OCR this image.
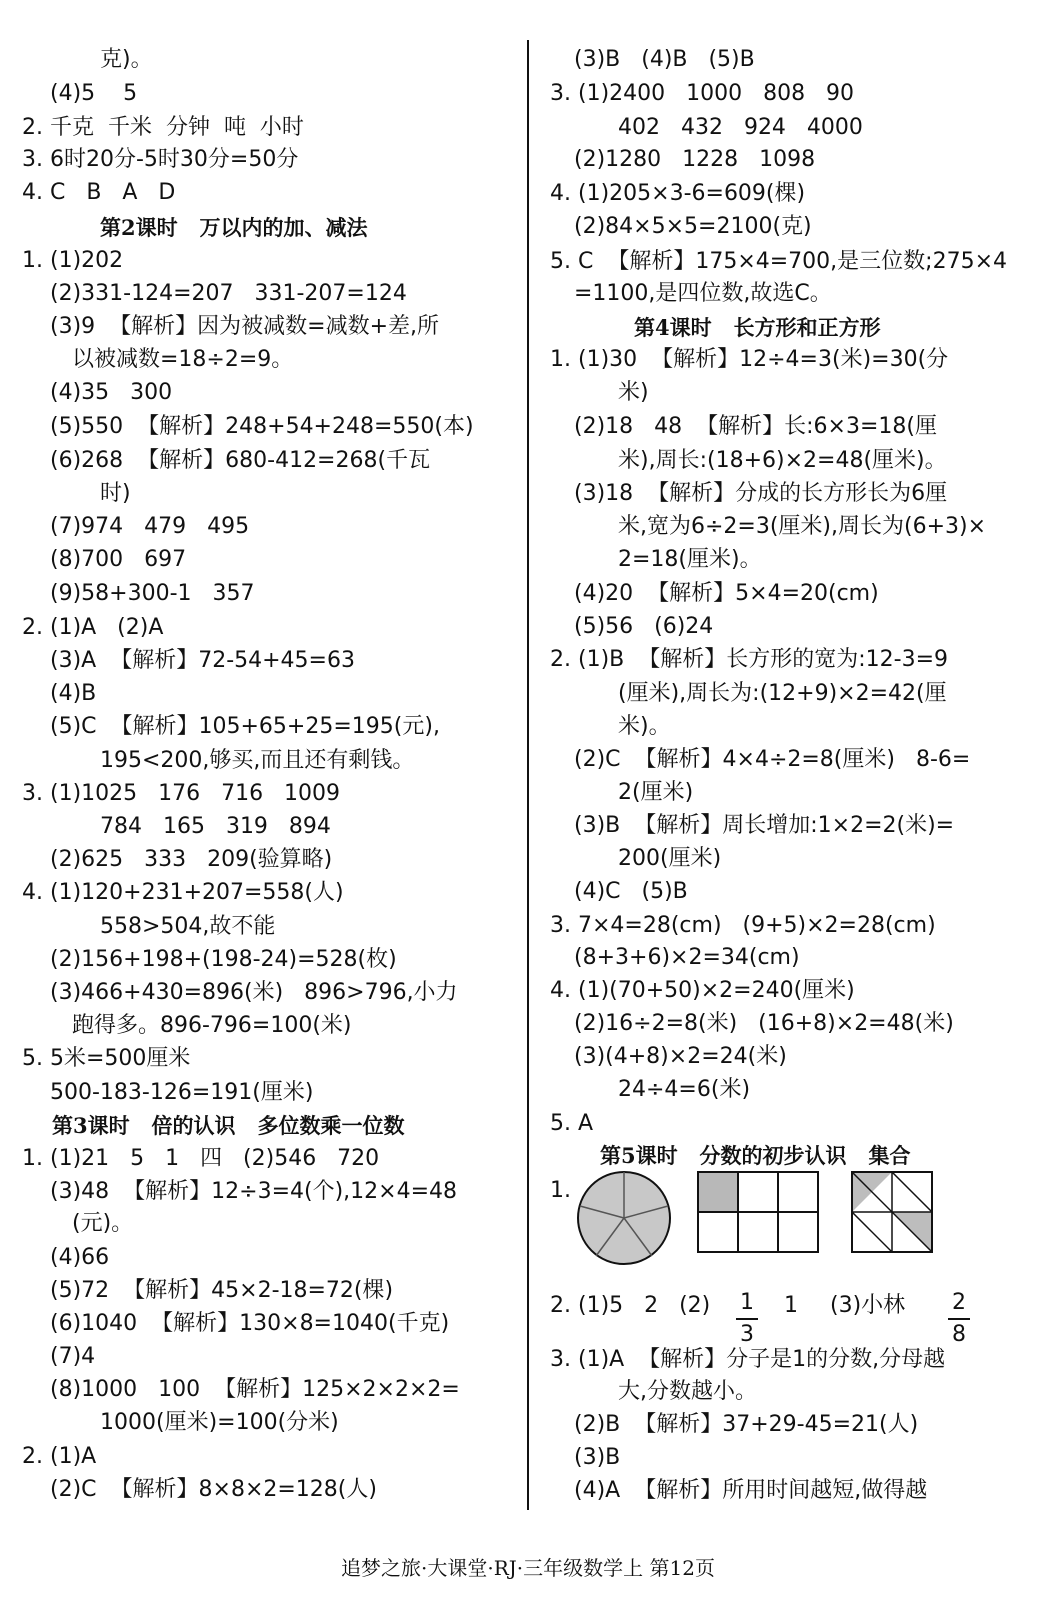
第2课时   万以内的加、减法
第3课时   倍的认识   多位数乘一位数
克)。
(4)5    5
2. 千克  千米  分钟  吨  小时
3. 6时20分-5时30分=50分
4. C   B   A   D
1. (1)202
(2)331-124=207   331-207=124
(3)9  【解析】因为被减数=减数+差,所
以被减数=18÷2=9。
(4)35   300
(5)550  【解析】248+54+248=550(本)
(6)268  【解析】680-412=268(千瓦
时)
(7)974   479   495
(8)700   697
(9)58+300-1   357
2. (1)A   (2)A
(3)A  【解析】72-54+45=63
(4)B
(5)C  【解析】105+65+25=195(元),
195<200,够买,而且还有剩钱。
3. (1)1025   176   716   1009
784   165   319   894
(2)625   333   209(验算略)
4. (1)120+231+207=558(人)
558>504,故不能
(2)156+198+(198-24)=528(枚)
(3)466+430=896(米)   896>796,小力
跑得多。896-796=100(米)
5. 5米=500厘米
500-183-126=191(厘米)
1. (1)21   5   1   四   (2)546   720
(3)48  【解析】12÷3=4(个),12×4=48
(元)。
(4)66
(5)72  【解析】45×2-18=72(棵)
(6)1040  【解析】130×8=1040(千克)
(7)4
(8)1000   100  【解析】125×2×2×2=
1000(厘米)=100(分米)
2. (1)A
(2)C  【解析】8×8×2=128(人)
1
3
2
8
第4课时   长方形和正方形
第5课时   分数的初步认识   集合
(3)B   (4)B   (5)B
3. (1)2400   1000   808   90
402   432   924   4000
(2)1280   1228   1098
4. (1)205×3-6=609(棵)
(2)84×5×5=2100(克)
5. C  【解析】175×4=700,是三位数;275×4
=1100,是四位数,故选C。
1. (1)30  【解析】12÷4=3(米)=30(分
米)
(2)18   48  【解析】长:6×3=18(厘
米),周长:(18+6)×2=48(厘米)。
(3)18  【解析】分成的长方形长为6厘
米,宽为6÷2=3(厘米),周长为(6+3)×
2=18(厘米)。
(4)20  【解析】5×4=20(cm)
(5)56   (6)24
2. (1)B  【解析】长方形的宽为:12-3=9
(厘米),周长为:(12+9)×2=42(厘
米)。
(2)C  【解析】4×4÷2=8(厘米)   8-6=
2(厘米)
(3)B  【解析】周长增加:1×2=2(米)=
200(厘米)
(4)C   (5)B
3. 7×4=28(cm)   (9+5)×2=28(cm)
(8+3+6)×2=34(cm)
4. (1)(70+50)×2=240(厘米)
(2)16÷2=8(米)   (16+8)×2=48(米)
(3)(4+8)×2=24(米)
24÷4=6(米)
5. A
1.
2. (1)5   2   (2)	1 (3)小林
3. (1)A  【解析】分子是1的分数,分母越
大,分数越小。
(2)B  【解析】37+29-45=21(人)
(3)B
(4)A  【解析】所用时间越短,做得越
追梦之旅·大课堂·RJ·三年级数学上 第12页
